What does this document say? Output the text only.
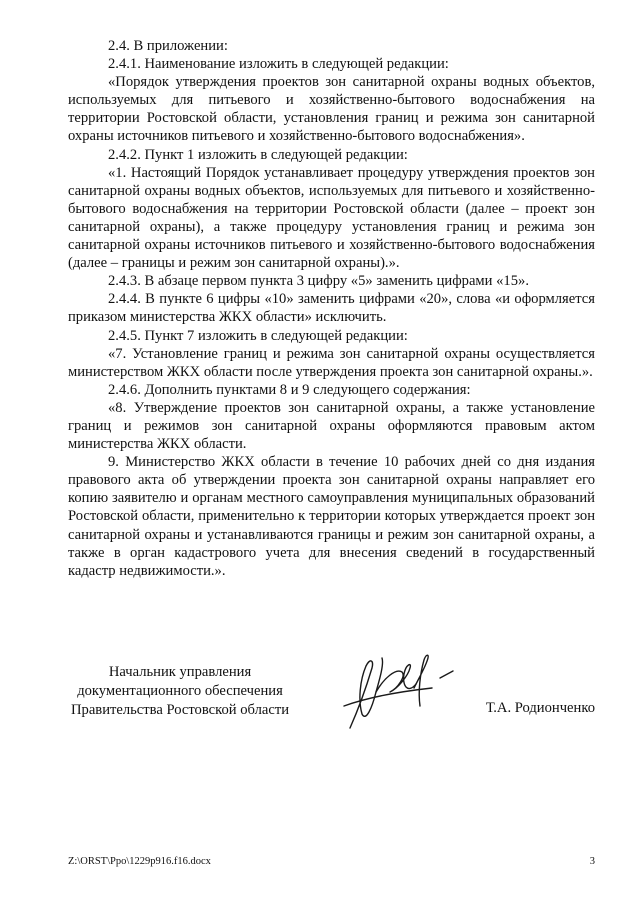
2.4. В приложении:

2.4.1. Наименование изложить в следующей редакции:

«Порядок утверждения проектов зон санитарной охраны водных объектов, используемых для питьевого и хозяйственно-бытового водоснабжения на территории Ростовской области, установления границ и режима зон санитарной охраны источников питьевого и хозяйственно-бытового водоснабжения».

2.4.2. Пункт 1 изложить в следующей редакции:

«1. Настоящий Порядок устанавливает процедуру утверждения проектов зон санитарной охраны водных объектов, используемых для питьевого и хозяйственно-бытового водоснабжения на территории Ростовской области (далее – проект зон санитарной охраны), а также процедуру установления границ и режима зон санитарной охраны источников питьевого и хозяйственно-бытового водоснабжения (далее – границы и режим зон санитарной охраны).».

2.4.3. В абзаце первом пункта 3 цифру «5» заменить цифрами «15».

2.4.4. В пункте 6 цифры «10» заменить цифрами «20», слова «и оформляется приказом министерства ЖКХ области» исключить.

2.4.5. Пункт 7 изложить в следующей редакции:

«7. Установление границ и режима зон санитарной охраны осуществляется министерством ЖКХ области после утверждения проекта зон санитарной охраны.».

2.4.6. Дополнить пунктами 8 и 9 следующего содержания:

«8. Утверждение проектов зон санитарной охраны, а также установление границ и режимов зон санитарной охраны оформляются правовым актом министерства ЖКХ области.

9. Министерство ЖКХ области в течение 10 рабочих дней со дня издания правового акта об утверждении проекта зон санитарной охраны направляет его копию заявителю и органам местного самоуправления муниципальных образований Ростовской области, применительно к территории которых утверждается проект зон санитарной охраны и устанавливаются границы и режим зон санитарной охраны, а также в орган кадастрового учета для внесения сведений в государственный кадастр недвижимости.».

Начальник управления
документационного обеспечения
Правительства Ростовской области	Т.А. Родионченко
Z:\ORST\Ppo\1229p916.f16.docx	3
